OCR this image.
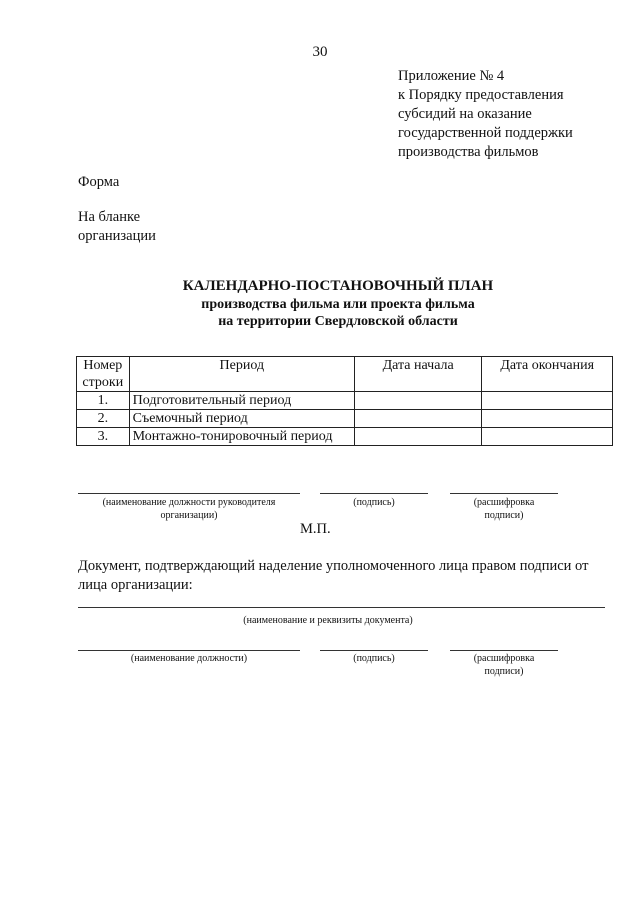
30
Приложение № 4
к Порядку предоставления
субсидий на оказание
государственной поддержки
производства фильмов
Форма
На бланке
организации
КАЛЕНДАРНО-ПОСТАНОВОЧНЫЙ ПЛАН
производства фильма или проекта фильма
на территории Свердловской области
Номер
строки	Период	Дата начала	Дата окончания
1.	Подготовительный период		
2.	Съемочный период		
3.	Монтажно-тонировочный период		
(наименование должности руководителя
организации)
(подпись)	(расшифровка
подписи)
М.П.
Документ, подтверждающий наделение уполномоченного лица правом подписи от лица организации:
(наименование и реквизиты документа)
(наименование должности)	(подпись)	(расшифровка
подписи)
